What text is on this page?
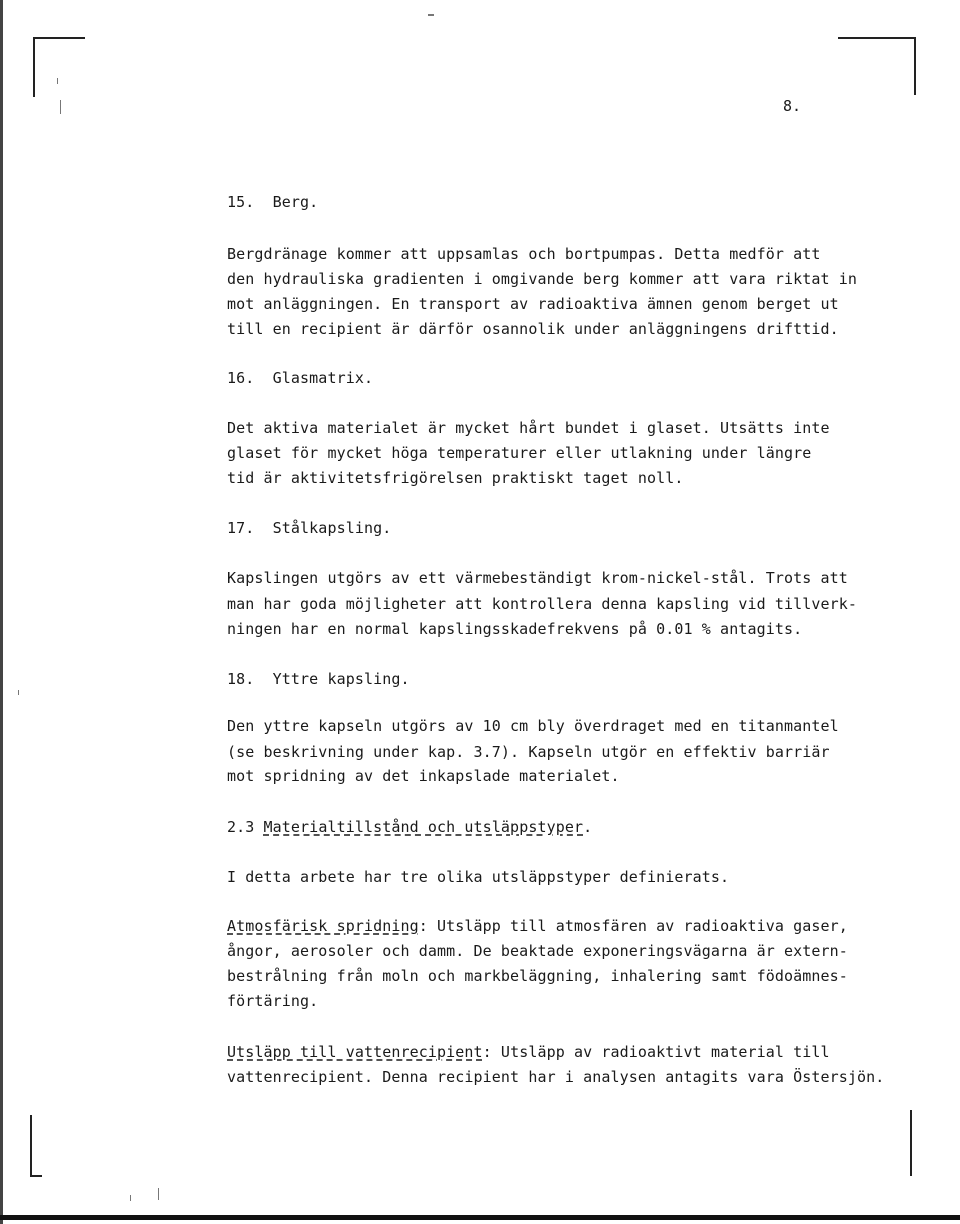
8.
15.  Berg.
Bergdränage kommer att uppsamlas och bortpumpas. Detta medför att
den hydrauliska gradienten i omgivande berg kommer att vara riktat in
mot anläggningen. En transport av radioaktiva ämnen genom berget ut
till en recipient är därför osannolik under anläggningens drifttid.
16.  Glasmatrix.
Det aktiva materialet är mycket hårt bundet i glaset. Utsätts inte
glaset för mycket höga temperaturer eller utlakning under längre
tid är aktivitetsfrigörelsen praktiskt taget noll.
17.  Stålkapsling.
Kapslingen utgörs av ett värmebeständigt krom-nickel-stål. Trots att
man har goda möjligheter att kontrollera denna kapsling vid tillverk-
ningen har en normal kapslingsskadefrekvens på 0.01 % antagits.
18.  Yttre kapsling.
Den yttre kapseln utgörs av 10 cm bly överdraget med en titanmantel
(se beskrivning under kap. 3.7). Kapseln utgör en effektiv barriär
mot spridning av det inkapslade materialet.
2.3 Materialtillstånd och utsläppstyper.
I detta arbete har tre olika utsläppstyper definierats.
Atmosfärisk spridning: Utsläpp till atmosfären av radioaktiva gaser,
ångor, aerosoler och damm. De beaktade exponeringsvägarna är extern-
bestrålning från moln och markbeläggning, inhalering samt födoämnes-
förtäring.
Utsläpp till vattenrecipient: Utsläpp av radioaktivt material till
vattenrecipient. Denna recipient har i analysen antagits vara Östersjön.
